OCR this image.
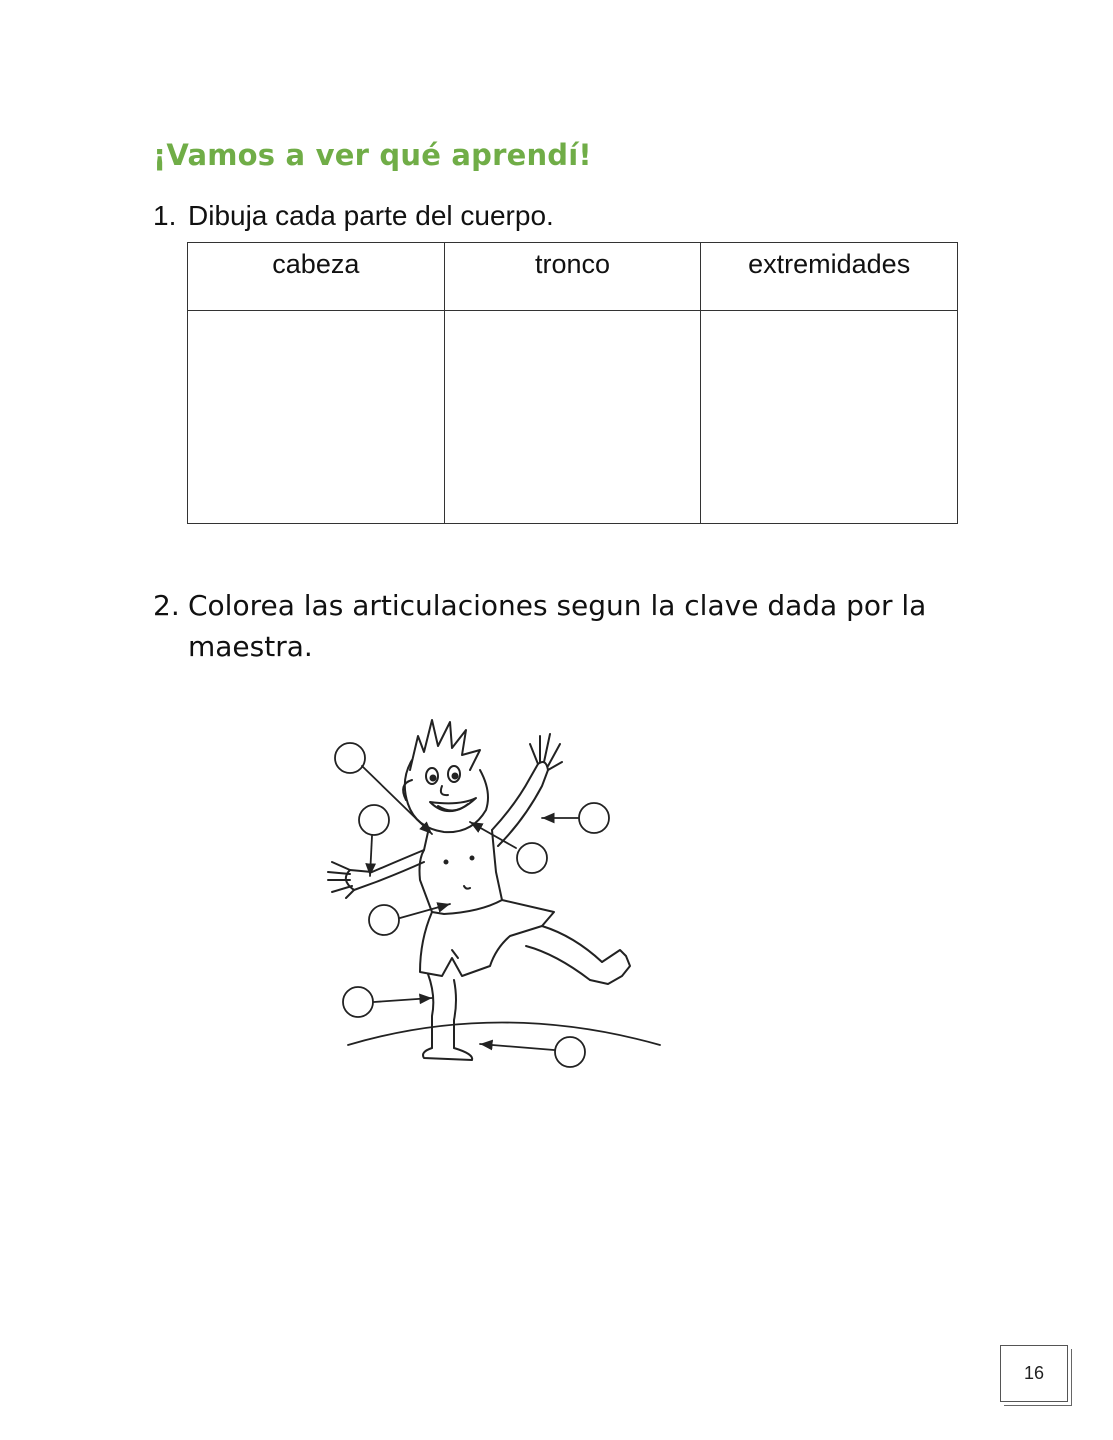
¡Vamos a ver qué aprendí!
1. Dibuja cada parte del cuerpo.
cabeza	tronco	extremidades

2. Colorea las articulaciones segun la clave dada por la maestra.
16
